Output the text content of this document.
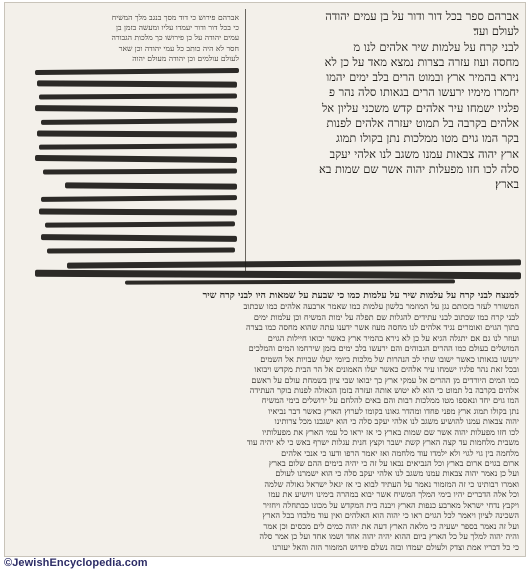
אברהם ספר בכל דור ודור על בן עמים יהודה
לעולם ועד׃
לבני קרח על עלמות שיר אלהים לנו מ
מחסה ועוז עזרה בצרות נמצא מאד על כן לא
נירא בהמיר ארץ ובמוט הרים בלב ימים יהמו
יחמרו מימיו ירעשו הרים בגאותו סלה נהר פ
פלגיו ישמחו עיר אלהים קדש משכני עליון אל
אלהים בקרבה בל תמוט יעזרה אלהים לפנות
בקר המו גוים מטו ממלכות נתן בקולו תמוג
ארץ יהוה צבאות עמנו משגב לנו אלהי יעקב
סלה לכו חזו מפעלות יהוה אשר שם שמות בא
בארץ׃
אברהם פירוש כי דוד מסך בנגב מלך המשיח
כי בכל דור ודור יעמדו עליו ומעשה בזמן בן
עמים יהודה על כן פירושו כך מלכות הגבורה
חסר לא היה כותב כל עמי יהודה וכן שאר
לעולם עולמים וכן יהודה מעולם יהוה
למנצח לבני קרח על עלמות שיר על עלמות כמו כי שבעת על שמאות היו לבני קרח שיר
המשורר לעזר בזכותם נגן על המוזמר בלשון עלמות כמו שאמר ארבעה אלהים כמו שכתוב
לבני קרח כמו שכתוב לבני עתידים להגלות שם תפלה על ימות המשיח וכן עלמות ימים
בתוך הגוים ואומרים נגיד אלהים לנו מחסה מעוז אשר ידענו עתה שהוא מחסה כמו בצרה
ועוזר לנו גם אם יתגלה הגיא על כן לא נירא בהמיר ארץ כאשר יבואו חיילות הגוים
המושלים בעולם כמו ההרים הגבוהים והם ירעשו בלב ימים בזמן שירחמו המים והמלכים
ירעשו בגאותו כאשר ישובו שתי לב הנהרות של מלכות ביומי יעלו שבויות אל השמים
ובכל זאת נהר פלגיו ישמחו עיר אלהים כאשר יעלו האמונים אל הר הבית מקדש ויבואו
כמו המים היורדים מן ההרים אל עמקי ארץ כך יבואו שבי ציון בשמחת עולם על ראשם
אלהים בקרבה בל תמוט כי הוא לא יטוש אותה ועזרה בזמן הגאולה לפנות בוקר העתידה
המו גוים יחד ונאספו מטו ממלכות רבות והם באים להלחם על ירושלים בימי המשיח
נתן בקולו תמוג ארץ מפני פחדו ומהדר גאונו בקומו לערוץ הארץ כאשר דבר נביאיו
יהוה צבאות עמנו להושיע משגב לנו אלהי יעקב סלה כי הוא ישגבנו מכל צרותינו
לכו חזו מפעלות יהוה אשר שם שמות בארץ כי אז יראו כל עמי הארץ את מפעלותיו
משבית מלחמות עד קצה הארץ קשת ישבר וקצץ חנית עגלות ישרף באש כי לא יהיה עוד
מלחמה בין גוי לגוי ולא ילמדו עוד מלחמה ואז יאמר הרפו ודעו כי אנכי אלהים
ארום בגוים ארום בארץ וכל הנביאים נבאו על זה כי יהיה בימים ההם שלום בארץ
ועל כן נאמר יהוה צבאות עמנו משגב לנו אלהי יעקב סלה כי הוא ישמרנו לעולם
ואמרו רבותינו כי זה המזמור נאמר על העתיד לבוא כי אז יגאל ישראל גאולה שלמה
וכל אלה הדברים יהיו בימי המלך המשיח אשר יבוא במהרה בימינו ויושיע את עמו
ויקבץ נדחי ישראל מארבע כנפות הארץ ויבנה בית המקדש על מכונו כבתחלה ויחזיר
השכינה לציון ויאמר לכל הגוים ראו כי יהוה הוא האלהים ואין עוד מלבדו בכל הארץ
ועל זה נאמר בספר ישעיה כי מלאה הארץ דעה את יהוה כמים לים מכסים וכן אמר
והיה יהוה למלך על כל הארץ ביום ההוא יהיה יהוה אחד ושמו אחד ועל כן אמר סלה
כי כל דבריו אמת וצדק ולעולם יעמדו ובזה נשלם פירוש המזמור הזה והאל יעזרנו
©JewishEncyclopedia.com
